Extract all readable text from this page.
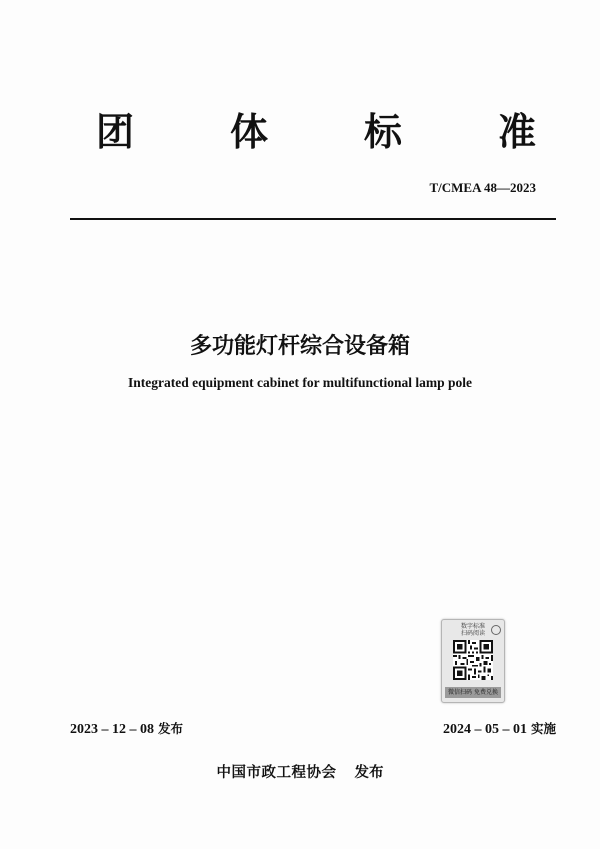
团	体	标	准
T/CMEA 48—2023
多功能灯杆综合设备箱
Integrated equipment cabinet for multifunctional lamp pole
数字标准
扫码阅读
微信扫码 免费兑换
2023 – 12 – 08 发布	2024 – 05 – 01 实施
中国市政工程协会 发布
